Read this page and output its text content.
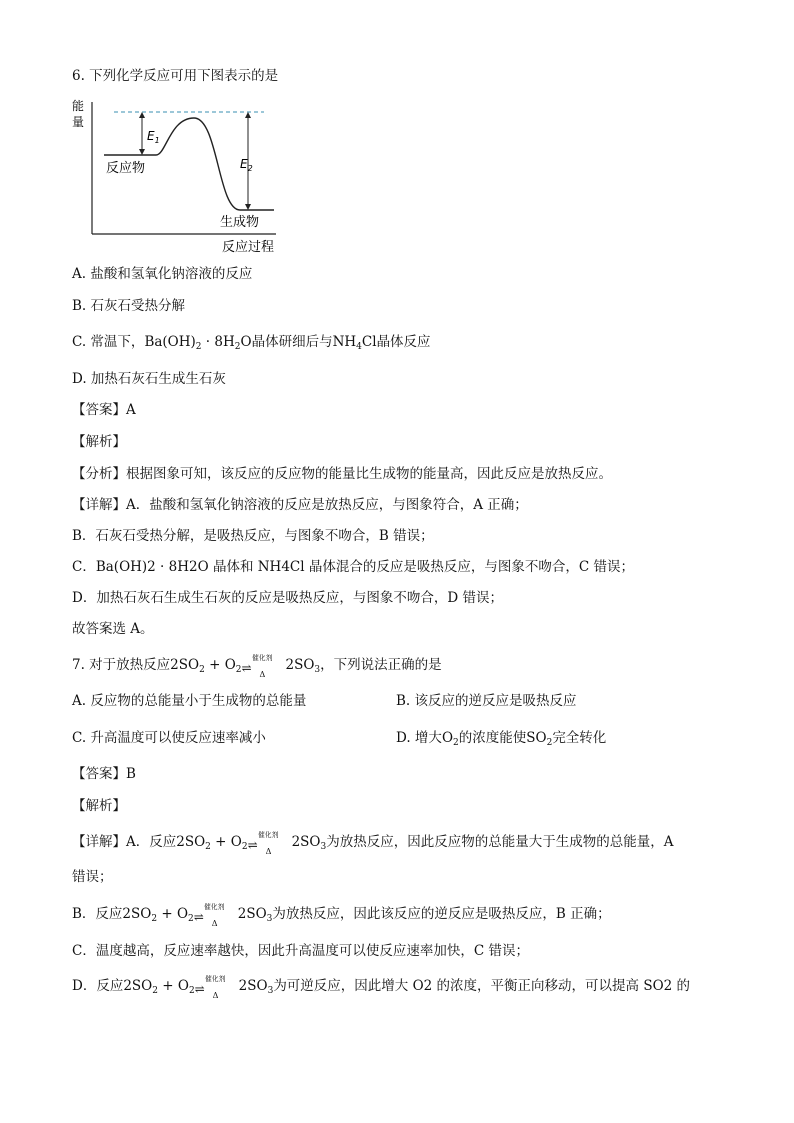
6. 下列化学反应可用下图表示的是
能
量
$E_1$
$E_2$
反应物
生成物
反应过程
A. 盐酸和氢氧化钠溶液的反应
B. 石灰石受热分解
C. 常温下，$Ba(OH)_2 \cdot 8H_2O$晶体研细后与$NH_4Cl$晶体反应
D. 加热石灰石生成生石灰
【答案】A
【解析】
【分析】根据图象可知，该反应的反应物的能量比生成物的能量高，因此反应是放热反应。
【详解】A．盐酸和氢氧化钠溶液的反应是放热反应，与图象符合，A 正确；
B．石灰石受热分解，是吸热反应，与图象不吻合，B 错误；
C．Ba(OH)2 · 8H2O 晶体和 NH4Cl 晶体混合的反应是吸热反应，与图象不吻合，C 错误；
D．加热石灰石生成生石灰的反应是吸热反应，与图象不吻合，D 错误；
故答案选 A。
7. 对于放热反应$2SO_2 + O_2$ ⇌
催化剂
Δ
$2SO_3$，下列说法正确的是
A. 反应物的总能量小于生成物的总能量	B. 该反应的逆反应是吸热反应
C. 升高温度可以使反应速率减小	D. 增大$O_2$的浓度能使$SO_2$完全转化
【答案】B
【解析】
【详解】A．反应$2SO_2 + O_2$ ⇌
催化剂
Δ
$2SO_3$为放热反应，因此反应物的总能量大于生成物的总能量，A
错误；
B．反应$2SO_2 + O_2$ ⇌
催化剂
Δ
$2SO_3$为放热反应，因此该反应的逆反应是吸热反应，B 正确；
C．温度越高，反应速率越快，因此升高温度可以使反应速率加快，C 错误；
D．反应$2SO_2 + O_2$ ⇌
催化剂
Δ
$2SO_3$为可逆反应，因此增大 O2 的浓度，平衡正向移动，可以提高 SO2 的
